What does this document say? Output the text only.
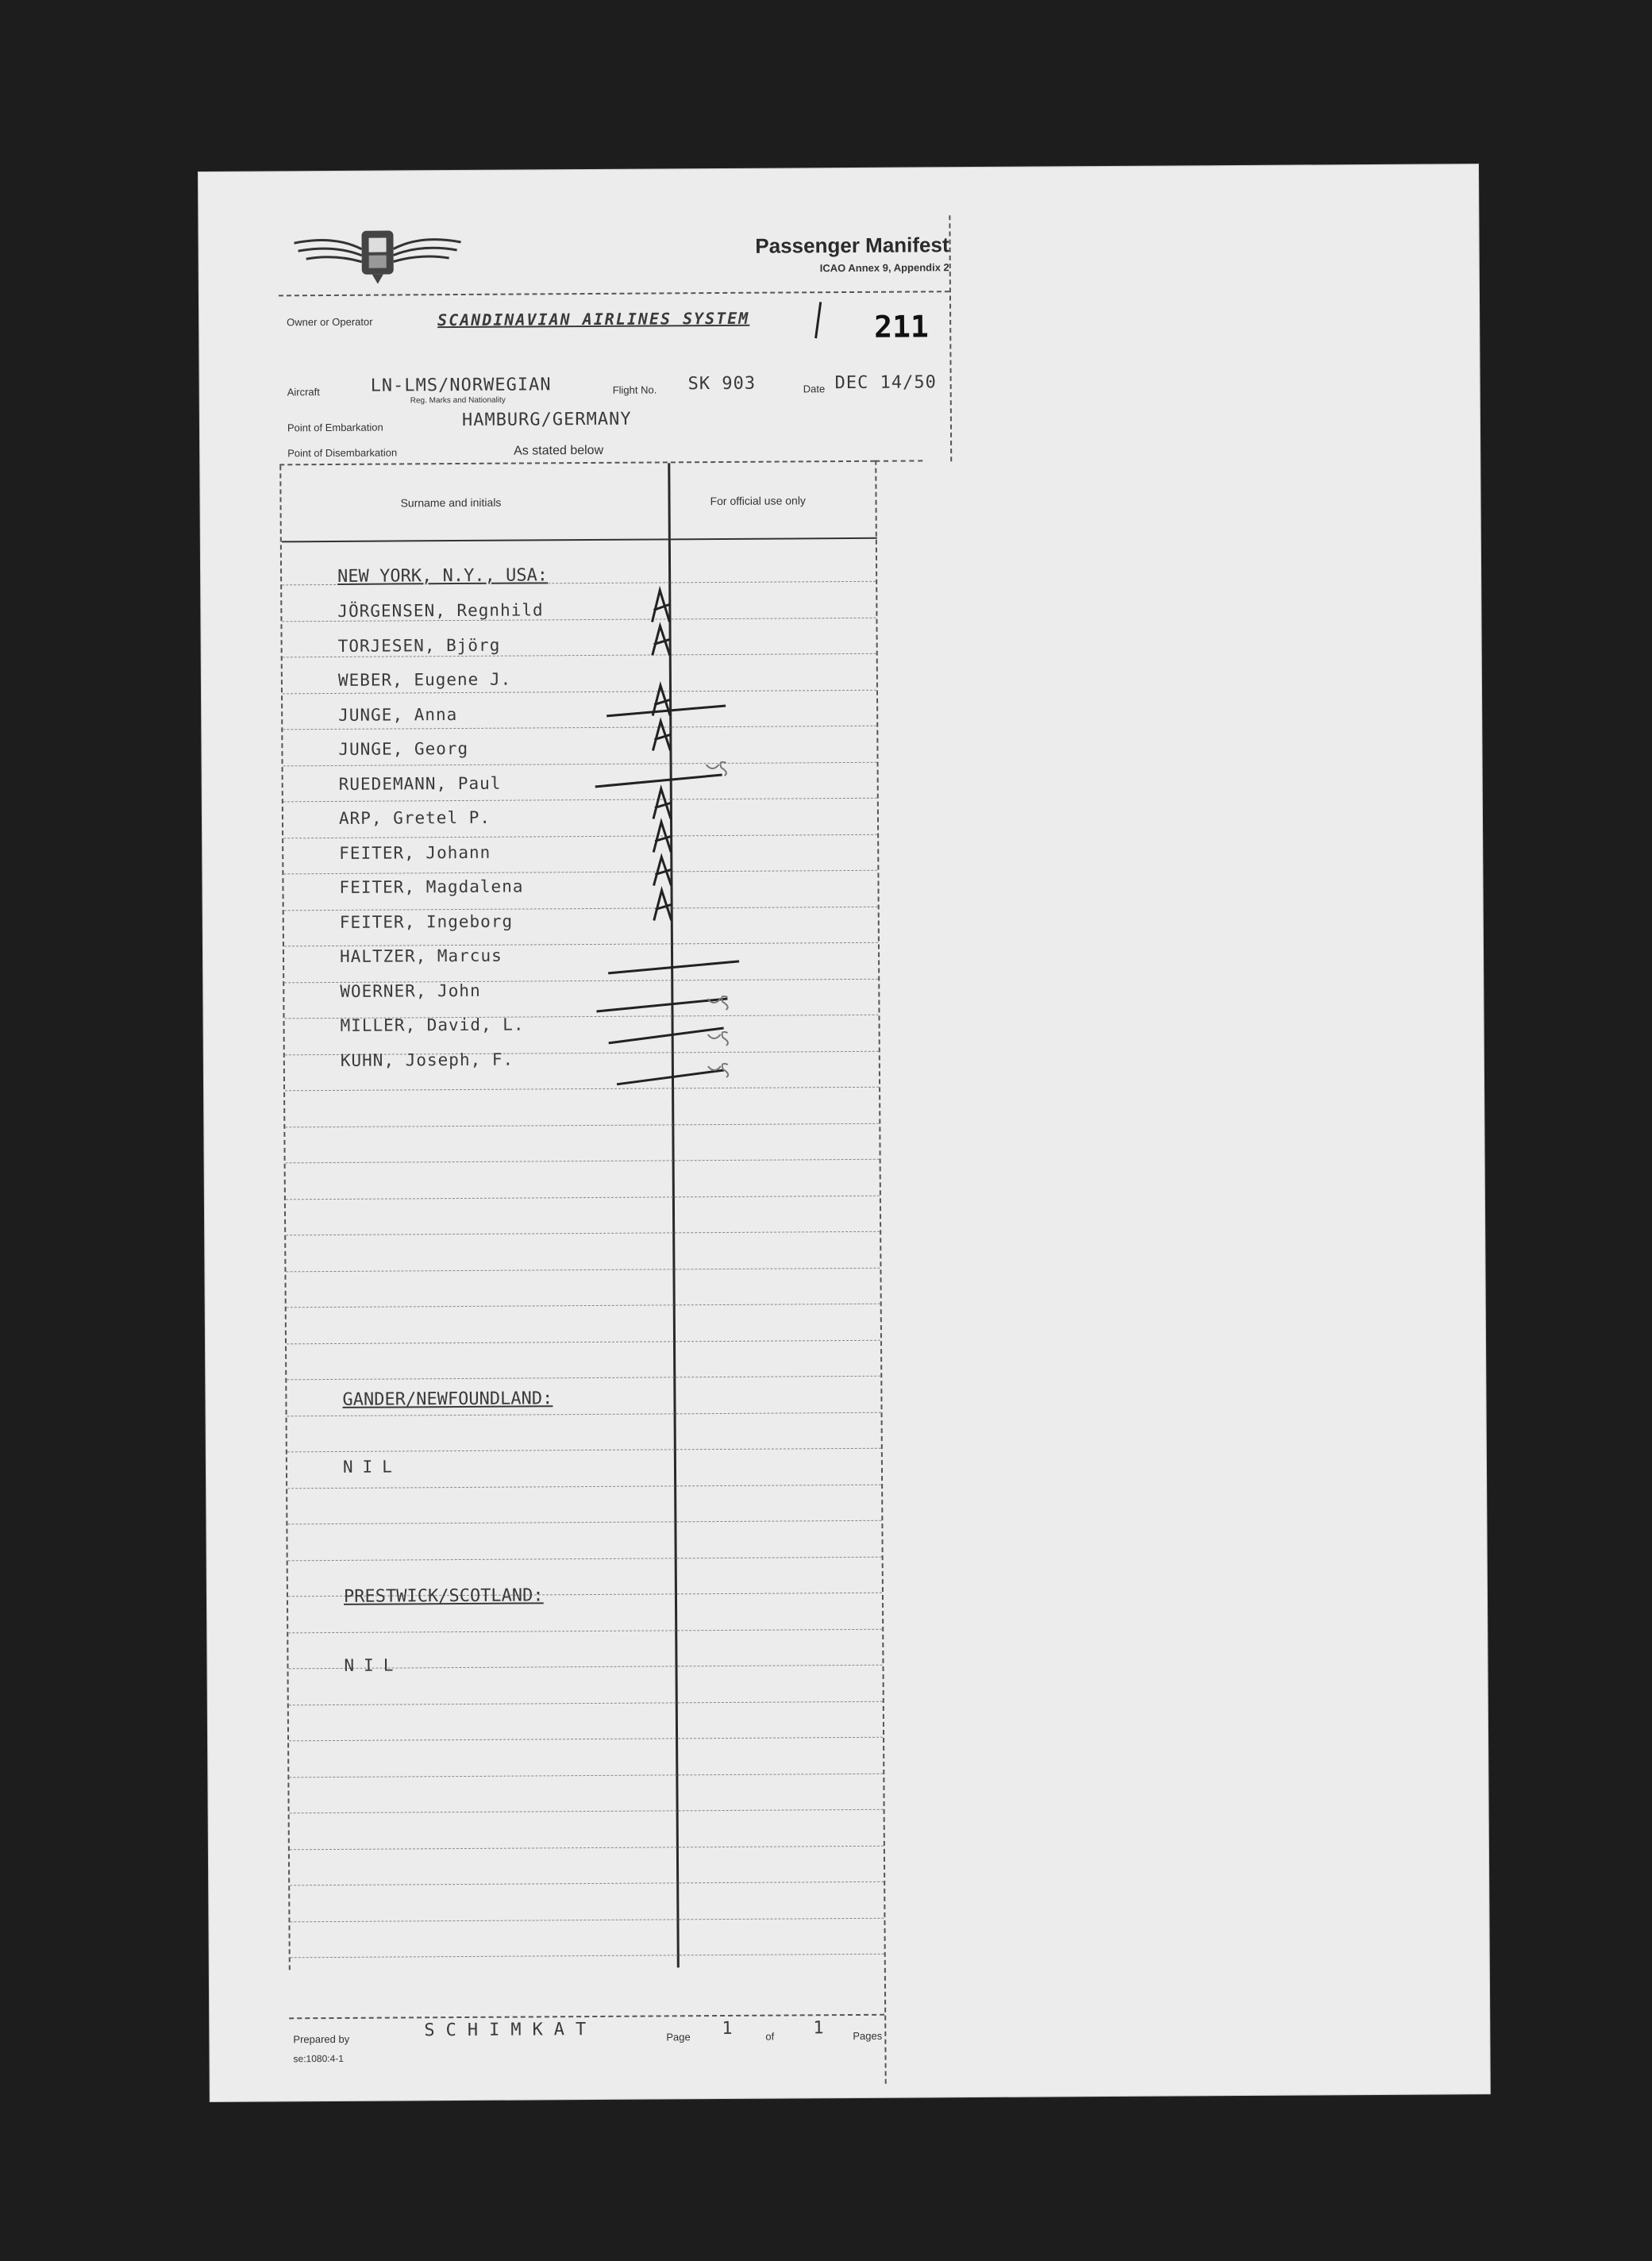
Passenger Manifest
ICAO Annex 9, Appendix 2
Owner or Operator	SCANDINAVIAN AIRLINES SYSTEM	211
Aircraft	LN-LMS/NORWEGIAN
Reg. Marks and Nationality
Flight No. SK 903	Date DEC 14/50
Point of Embarkation	HAMBURG/GERMANY
Point of Disembarkation	As stated below
Surname and initials	For official use only
NEW YORK, N.Y., USA:
JÖRGENSEN, Regnhild
TORJESEN, Björg
WEBER, Eugene J.
JUNGE, Anna
JUNGE, Georg
RUEDEMANN, Paul
ARP, Gretel P.
FEITER, Johann
FEITER, Magdalena
FEITER, Ingeborg
HALTZER, Marcus
WOERNER, John
MILLER, David, L.
KUHN, Joseph, F.
GANDER/NEWFOUNDLAND:
NIL
PRESTWICK/SCOTLAND:
NIL
Prepared by	SCHIMKAT	Page 1	of 1	Pages
se:1080:4-1
